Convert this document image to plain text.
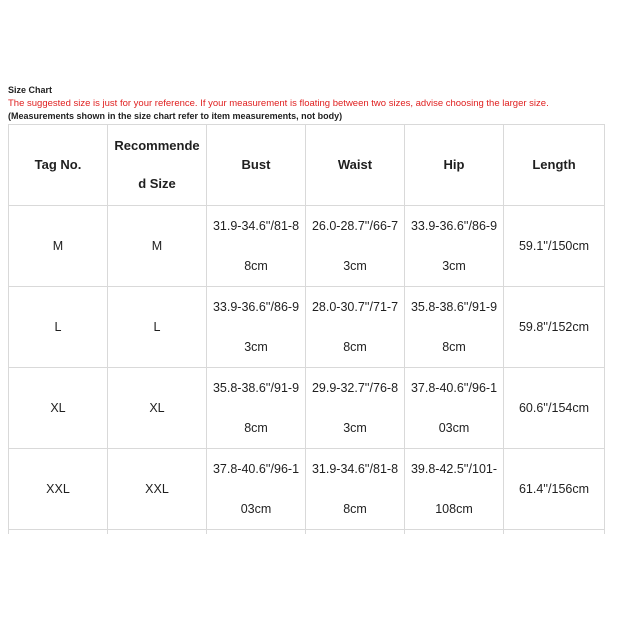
Size Chart
The suggested size is just for your reference. If your measurement is floating between two sizes, advise choosing the larger size.
(Measurements shown in the size chart refer to item measurements, not body)
Tag No.	Recommended Size	Bust	Waist	Hip	Length
M	M	31.9-34.6''/81-88cm	26.0-28.7''/66-73cm	33.9-36.6''/86-93cm	59.1''/150cm
L	L	33.9-36.6''/86-93cm	28.0-30.7''/71-78cm	35.8-38.6''/91-98cm	59.8''/152cm
XL	XL	35.8-38.6''/91-98cm	29.9-32.7''/76-83cm	37.8-40.6''/96-103cm	60.6''/154cm
XXL	XXL	37.8-40.6''/96-103cm	31.9-34.6''/81-88cm	39.8-42.5''/101-108cm	61.4''/156cm
